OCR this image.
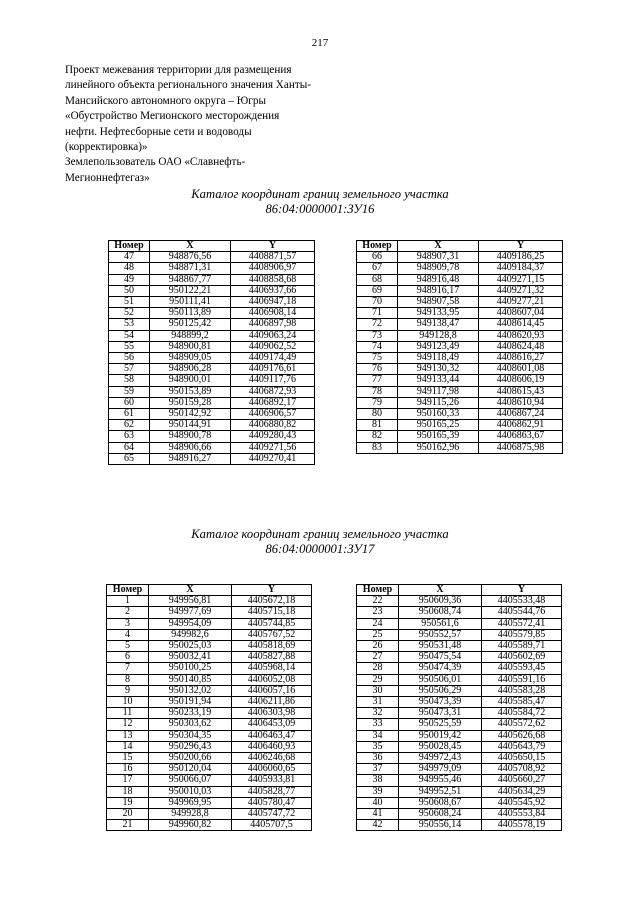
217
Проект межевания территории для размещения
линейного объекта регионального значения Ханты-
Мансийского автономного округа – Югры
«Обустройство Мегионского месторождения
нефти. Нефтесборные сети и водоводы
(корректировка)»
Землепользователь ОАО «Славнефть-
Мегионнефтегаз»
Каталог координат границ земельного участка
86:04:0000001:ЗУ16
Номер	X	Y
47	948876,56	4408871,57
48	948871,31	4408906,97
49	948867,77	4408858,68
50	950122,21	4406937,66
51	950111,41	4406947,18
52	950113,89	4406908,14
53	950125,42	4406897,98
54	948899,2	4409063,24
55	948900,81	4409062,52
56	948909,05	4409174,49
57	948906,28	4409176,61
58	948900,01	4409117,76
59	950153,89	4406872,93
60	950159,28	4406892,17
61	950142,92	4406906,57
62	950144,91	4406880,82
63	948900,78	4409280,43
64	948906,66	4409271,56
65	948916,27	4409270,41
Номер	X	Y
66	948907,31	4409186,25
67	948909,78	4409184,37
68	948916,48	4409271,15
69	948916,17	4409271,32
70	948907,58	4409277,21
71	949133,95	4408607,04
72	949138,47	4408614,45
73	949128,8	4408620,93
74	949123,49	4408624,48
75	949118,49	4408616,27
76	949130,32	4408601,08
77	949133,44	4408606,19
78	949117,98	4408615,43
79	949115,26	4408610,94
80	950160,33	4406867,24
81	950165,25	4406862,91
82	950165,39	4406863,67
83	950162,96	4406875,98
Каталог координат границ земельного участка
86:04:0000001:ЗУ17
Номер	X	Y
1	949956,81	4405672,18
2	949977,69	4405715,18
3	949954,09	4405744,85
4	949982,6	4405767,52
5	950025,03	4405818,69
6	950032,41	4405827,88
7	950100,25	4405968,14
8	950140,85	4406052,08
9	950132,02	4406057,16
10	950191,94	4406211,86
11	950233,19	4406303,98
12	950303,62	4406453,09
13	950304,35	4406463,47
14	950296,43	4406460,93
15	950200,66	4406246,68
16	950120,04	4406060,65
17	950066,07	4405933,81
18	950010,03	4405828,77
19	949969,95	4405780,47
20	949928,8	4405747,72
21	949960,82	4405707,5
Номер	X	Y
22	950609,36	4405533,48
23	950608,74	4405544,76
24	950561,6	4405572,41
25	950552,57	4405579,85
26	950531,48	4405589,71
27	950475,54	4405602,69
28	950474,39	4405593,45
29	950506,01	4405591,16
30	950506,29	4405583,28
31	950473,39	4405585,47
32	950473,31	4405584,72
33	950525,59	4405572,62
34	950019,42	4405626,68
35	950028,45	4405643,79
36	949972,43	4405650,15
37	949979,09	4405708,92
38	949955,46	4405660,27
39	949952,51	4405634,29
40	950608,67	4405545,92
41	950608,24	4405553,84
42	950556,14	4405578,19
